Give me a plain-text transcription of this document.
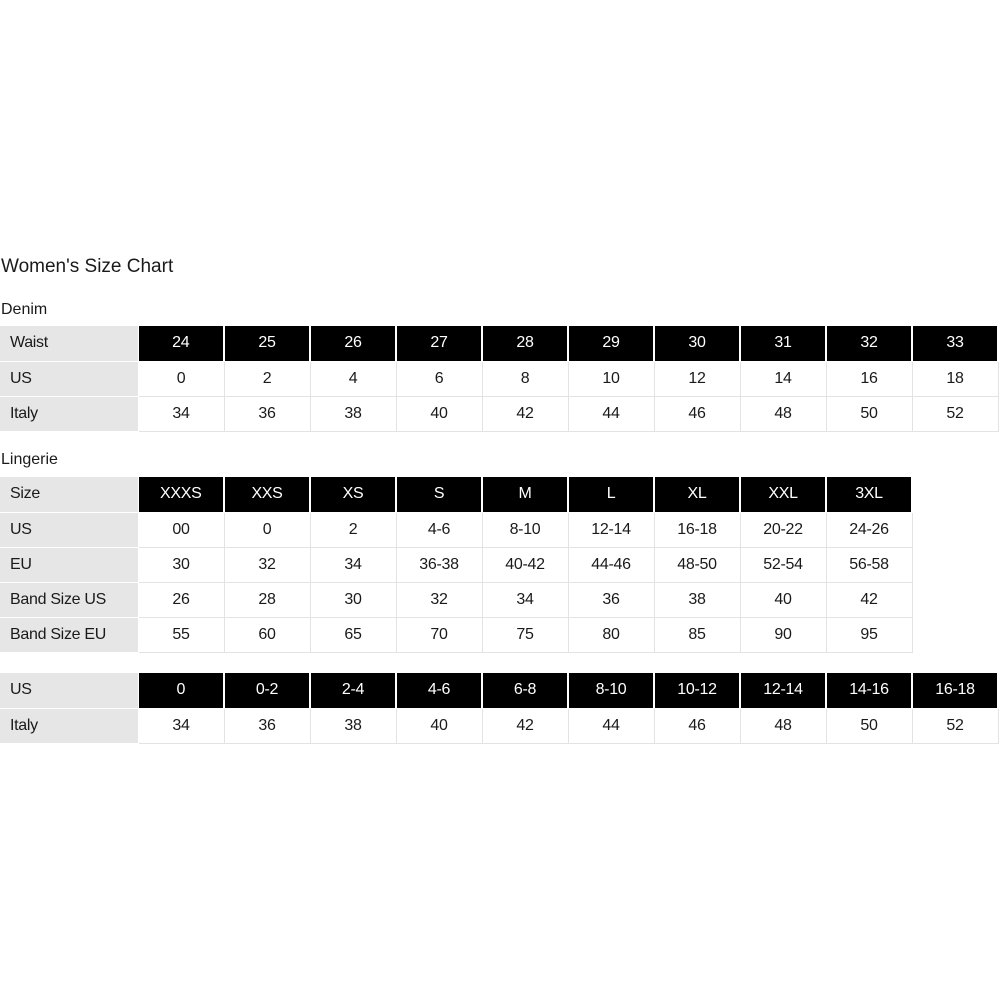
Women's Size Chart
Denim
Waist	24	25	26	27	28	29	30	31	32	33
US	0	2	4	6	8	10	12	14	16	18
Italy	34	36	38	40	42	44	46	48	50	52
Lingerie
Size	XXXS	XXS	XS	S	M	L	XL	XXL	3XL
US	00	0	2	4-6	8-10	12-14	16-18	20-22	24-26
EU	30	32	34	36-38	40-42	44-46	48-50	52-54	56-58
Band Size US	26	28	30	32	34	36	38	40	42
Band Size EU	55	60	65	70	75	80	85	90	95
US	0	0-2	2-4	4-6	6-8	8-10	10-12	12-14	14-16	16-18
Italy	34	36	38	40	42	44	46	48	50	52
